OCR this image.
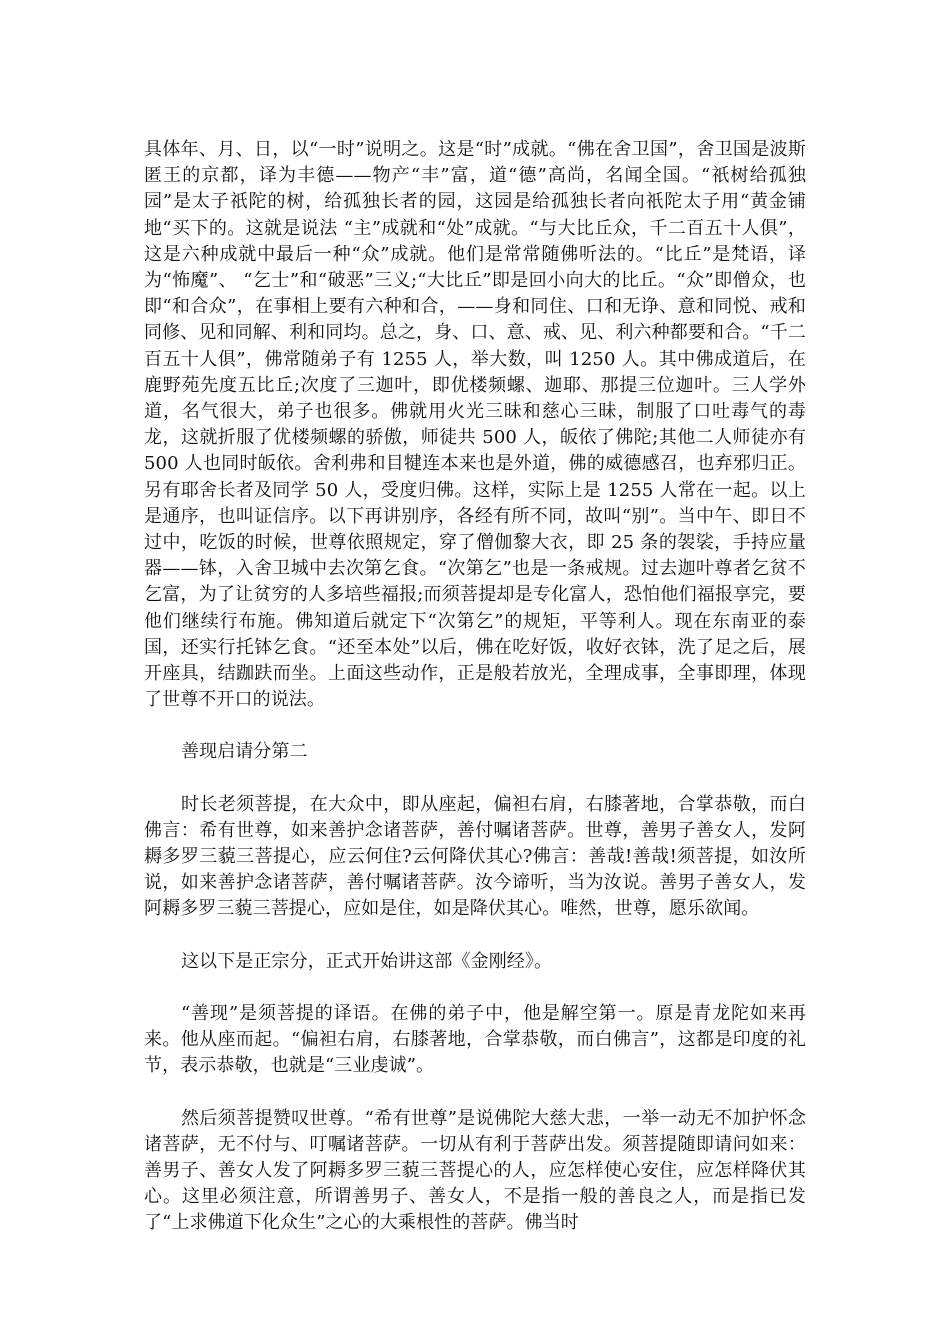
具体年、月、日，以“一时”说明之。这是“时”成就。“佛在舍卫国”，舍卫国是波斯匿王的京都，译为丰德——物产“丰”富，道“德”高尚，名闻全国。“祇树给孤独园”是太子祇陀的树，给孤独长者的园，这园是给孤独长者向祇陀太子用“黄金铺地“买下的。这就是说法 “主”成就和“处”成就。“与大比丘众，千二百五十人俱”，这是六种成就中最后一种“众”成就。他们是常常随佛听法的。“比丘”是梵语，译为“怖魔”、 “乞士”和“破恶”三义;“大比丘”即是回小向大的比丘。“众”即僧众，也即“和合众”，在事相上要有六种和合，——身和同住、口和无诤、意和同悦、戒和同修、见和同解、利和同均。总之，身、口、意、戒、见、利六种都要和合。“千二百五十人俱”，佛常随弟子有 1255 人，举大数，叫 1250 人。其中佛成道后，在鹿野苑先度五比丘;次度了三迦叶，即优楼频螺、迦耶、那提三位迦叶。三人学外道，名气很大，弟子也很多。佛就用火光三昧和慈心三昧，制服了口吐毒气的毒龙，这就折服了优楼频螺的骄傲，师徒共 500 人，皈依了佛陀;其他二人师徒亦有 500 人也同时皈依。舍利弗和目犍连本来也是外道，佛的威德感召，也弃邪归正。另有耶舍长者及同学 50 人，受度归佛。这样，实际上是 1255 人常在一起。以上是通序，也叫证信序。以下再讲别序，各经有所不同，故叫“别”。当中午、即日不过中，吃饭的时候，世尊依照规定，穿了僧伽黎大衣，即 25 条的袈裟，手持应量器——钵，入舍卫城中去次第乞食。“次第乞”也是一条戒规。过去迦叶尊者乞贫不乞富，为了让贫穷的人多培些福报;而须菩提却是专化富人，恐怕他们福报享完，要他们继续行布施。佛知道后就定下“次第乞”的规矩，平等利人。现在东南亚的泰国，还实行托钵乞食。“还至本处”以后，佛在吃好饭，收好衣钵，洗了足之后，展开座具，结跏趺而坐。上面这些动作，正是般若放光，全理成事，全事即理，体现了世尊不开口的说法。

善现启请分第二

时长老须菩提，在大众中，即从座起，偏袒右肩，右膝著地，合掌恭敬，而白佛言：希有世尊，如来善护念诸菩萨，善付嘱诸菩萨。世尊，善男子善女人，发阿耨多罗三藐三菩提心，应云何住?云何降伏其心?佛言：善哉!善哉!须菩提，如汝所说，如来善护念诸菩萨，善付嘱诸菩萨。汝今谛听，当为汝说。善男子善女人，发阿耨多罗三藐三菩提心，应如是住，如是降伏其心。唯然，世尊，愿乐欲闻。

这以下是正宗分，正式开始讲这部《金刚经》。

“善现”是须菩提的译语。在佛的弟子中，他是解空第一。原是青龙陀如来再来。他从座而起。“偏袒右肩，右膝著地，合掌恭敬，而白佛言”，这都是印度的礼节，表示恭敬，也就是“三业虔诚”。

然后须菩提赞叹世尊。“希有世尊”是说佛陀大慈大悲，一举一动无不加护怀念诸菩萨，无不付与、叮嘱诸菩萨。一切从有利于菩萨出发。须菩提随即请问如来：善男子、善女人发了阿耨多罗三藐三菩提心的人，应怎样使心安住，应怎样降伏其心。这里必须注意，所谓善男子、善女人，不是指一般的善良之人，而是指已发了“上求佛道下化众生”之心的大乘根性的菩萨。佛当时
